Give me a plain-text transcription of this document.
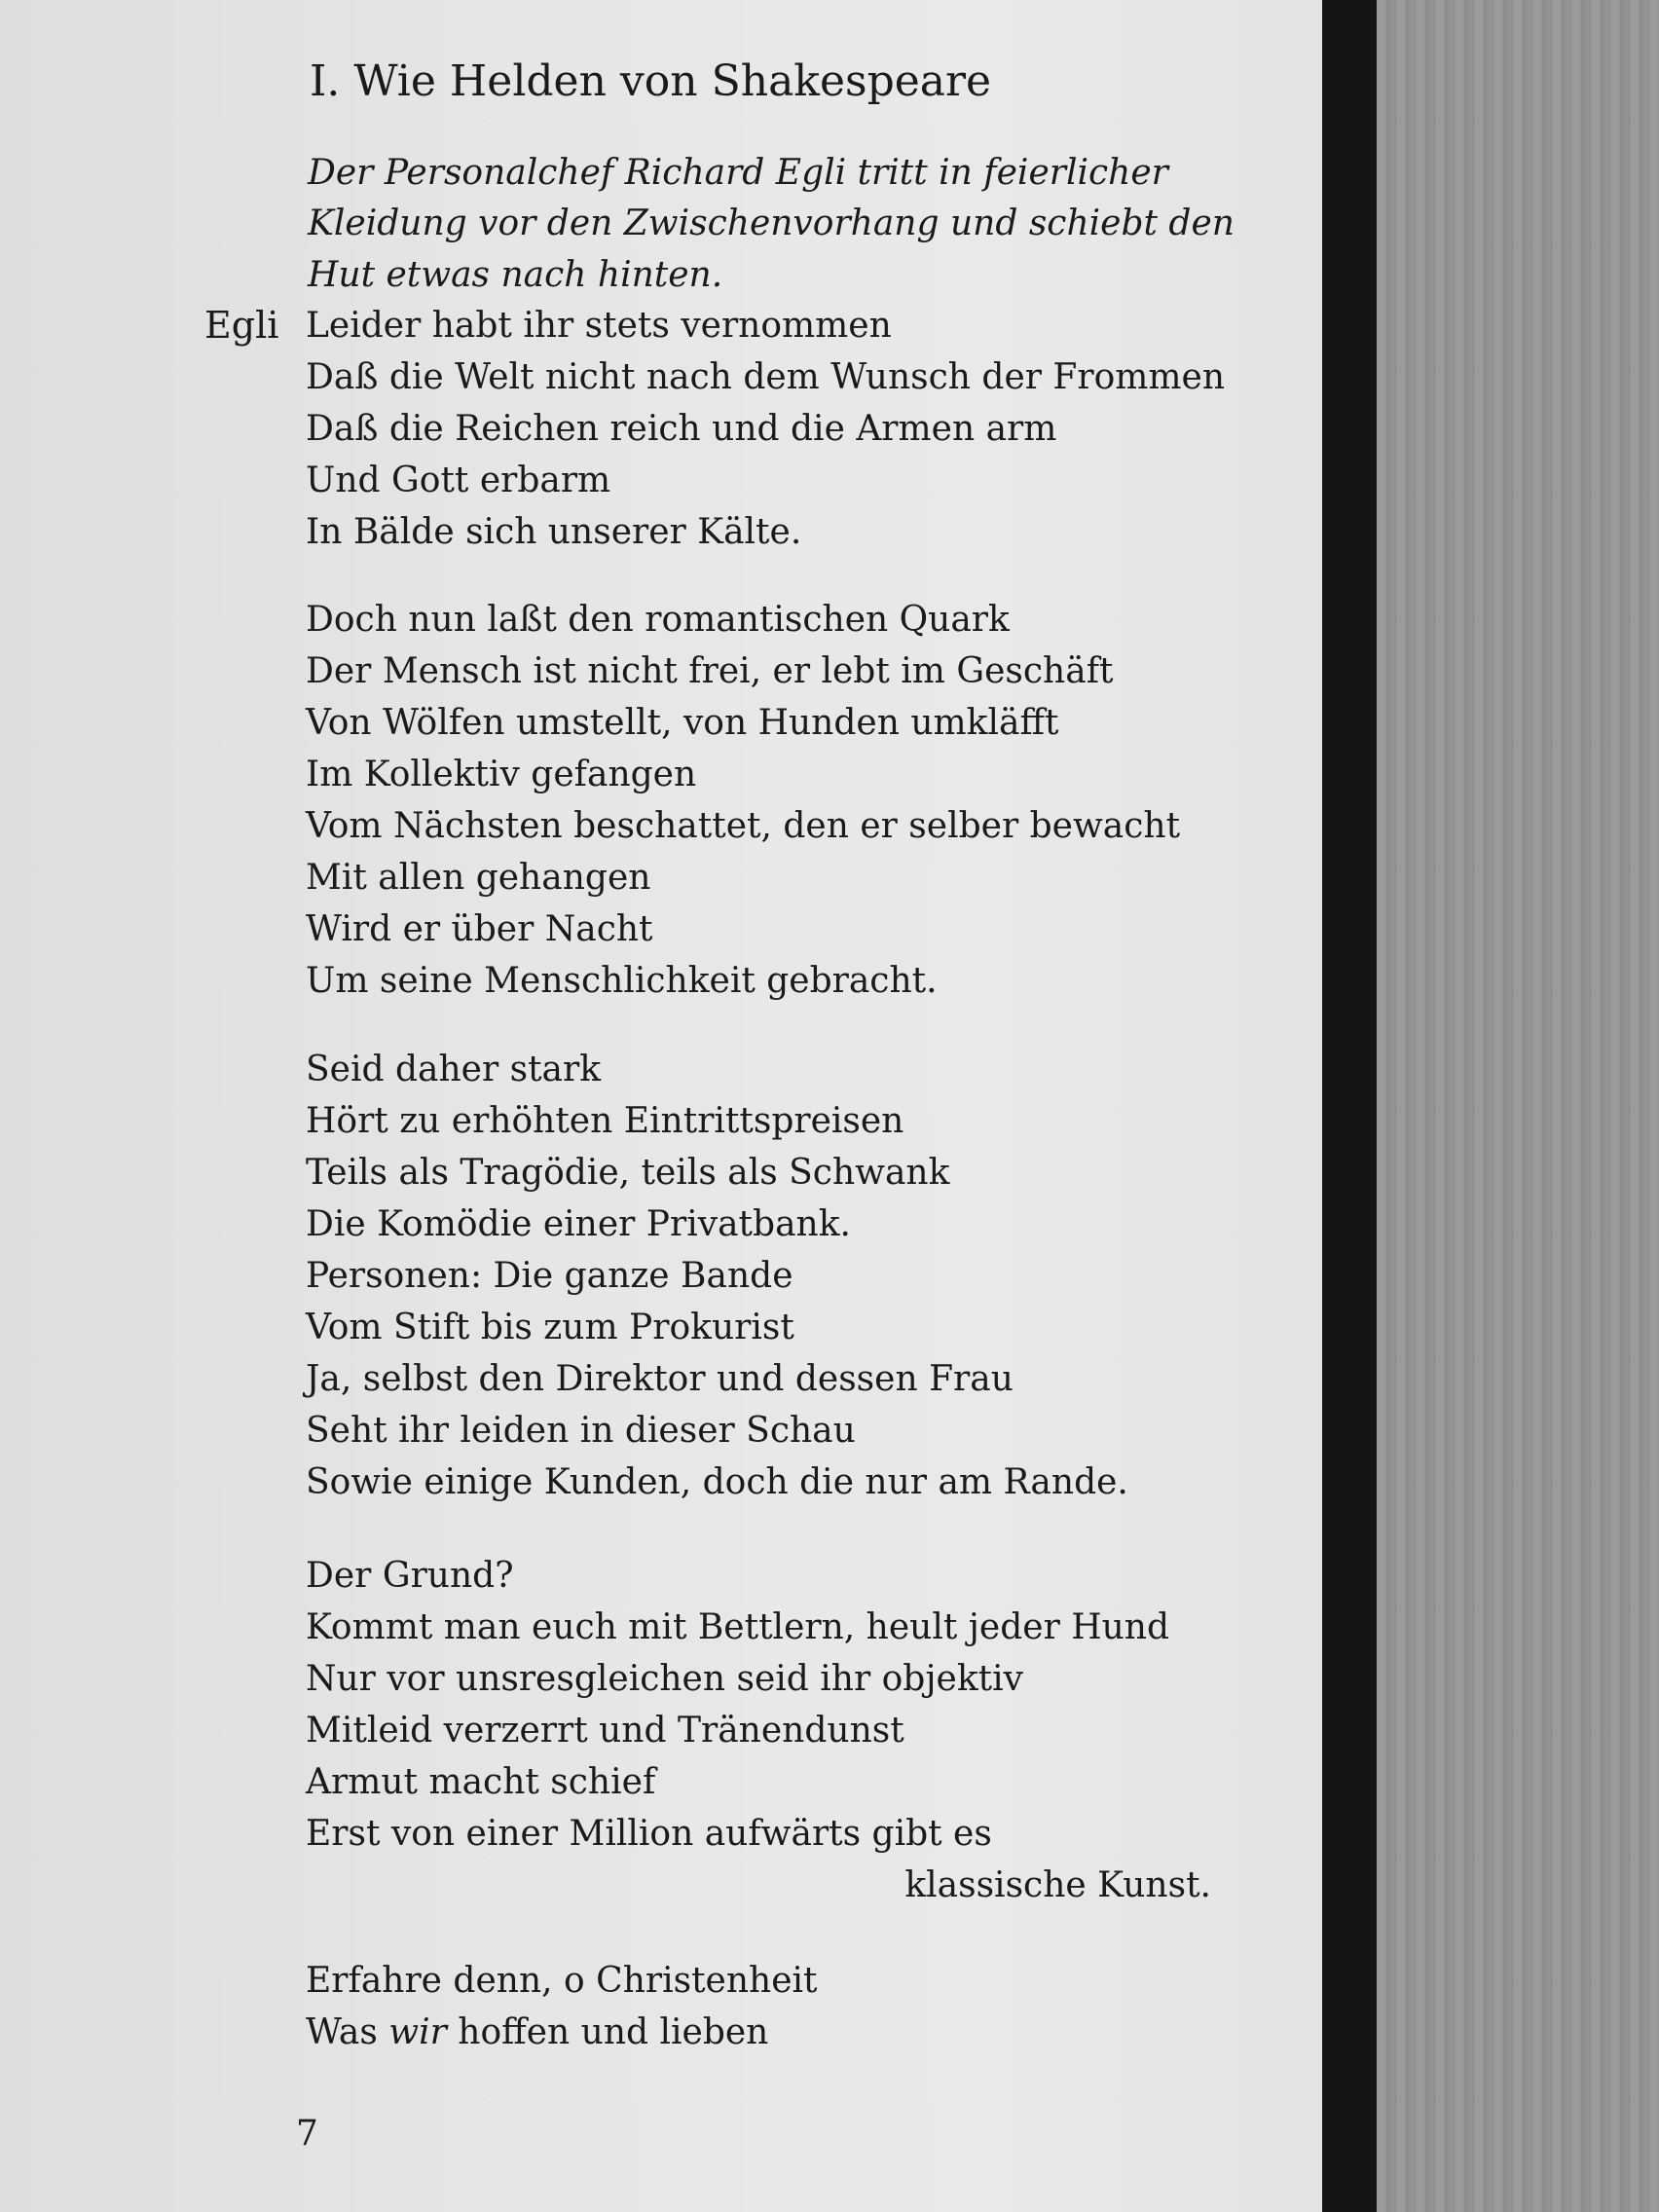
I. Wie Helden von Shakespeare
Der Personalchef Richard Egli tritt in feierlicher
Kleidung vor den Zwischenvorhang und schiebt den
Hut etwas nach hinten.
Egli Leider habt ihr stets vernommen
Daß die Welt nicht nach dem Wunsch der Frommen
Daß die Reichen reich und die Armen arm
Und Gott erbarm
In Bälde sich unserer Kälte.
Doch nun laßt den romantischen Quark
Der Mensch ist nicht frei, er lebt im Geschäft
Von Wölfen umstellt, von Hunden umkläfft
Im Kollektiv gefangen
Vom Nächsten beschattet, den er selber bewacht
Mit allen gehangen
Wird er über Nacht
Um seine Menschlichkeit gebracht.
Seid daher stark
Hört zu erhöhten Eintrittspreisen
Teils als Tragödie, teils als Schwank
Die Komödie einer Privatbank.
Personen: Die ganze Bande
Vom Stift bis zum Prokurist
Ja, selbst den Direktor und dessen Frau
Seht ihr leiden in dieser Schau
Sowie einige Kunden, doch die nur am Rande.
Der Grund?
Kommt man euch mit Bettlern, heult jeder Hund
Nur vor unsresgleichen seid ihr objektiv
Mitleid verzerrt und Tränendunst
Armut macht schief
Erst von einer Million aufwärts gibt es
klassische Kunst.
Erfahre denn, o Christenheit
Was wir hoffen und lieben
7
